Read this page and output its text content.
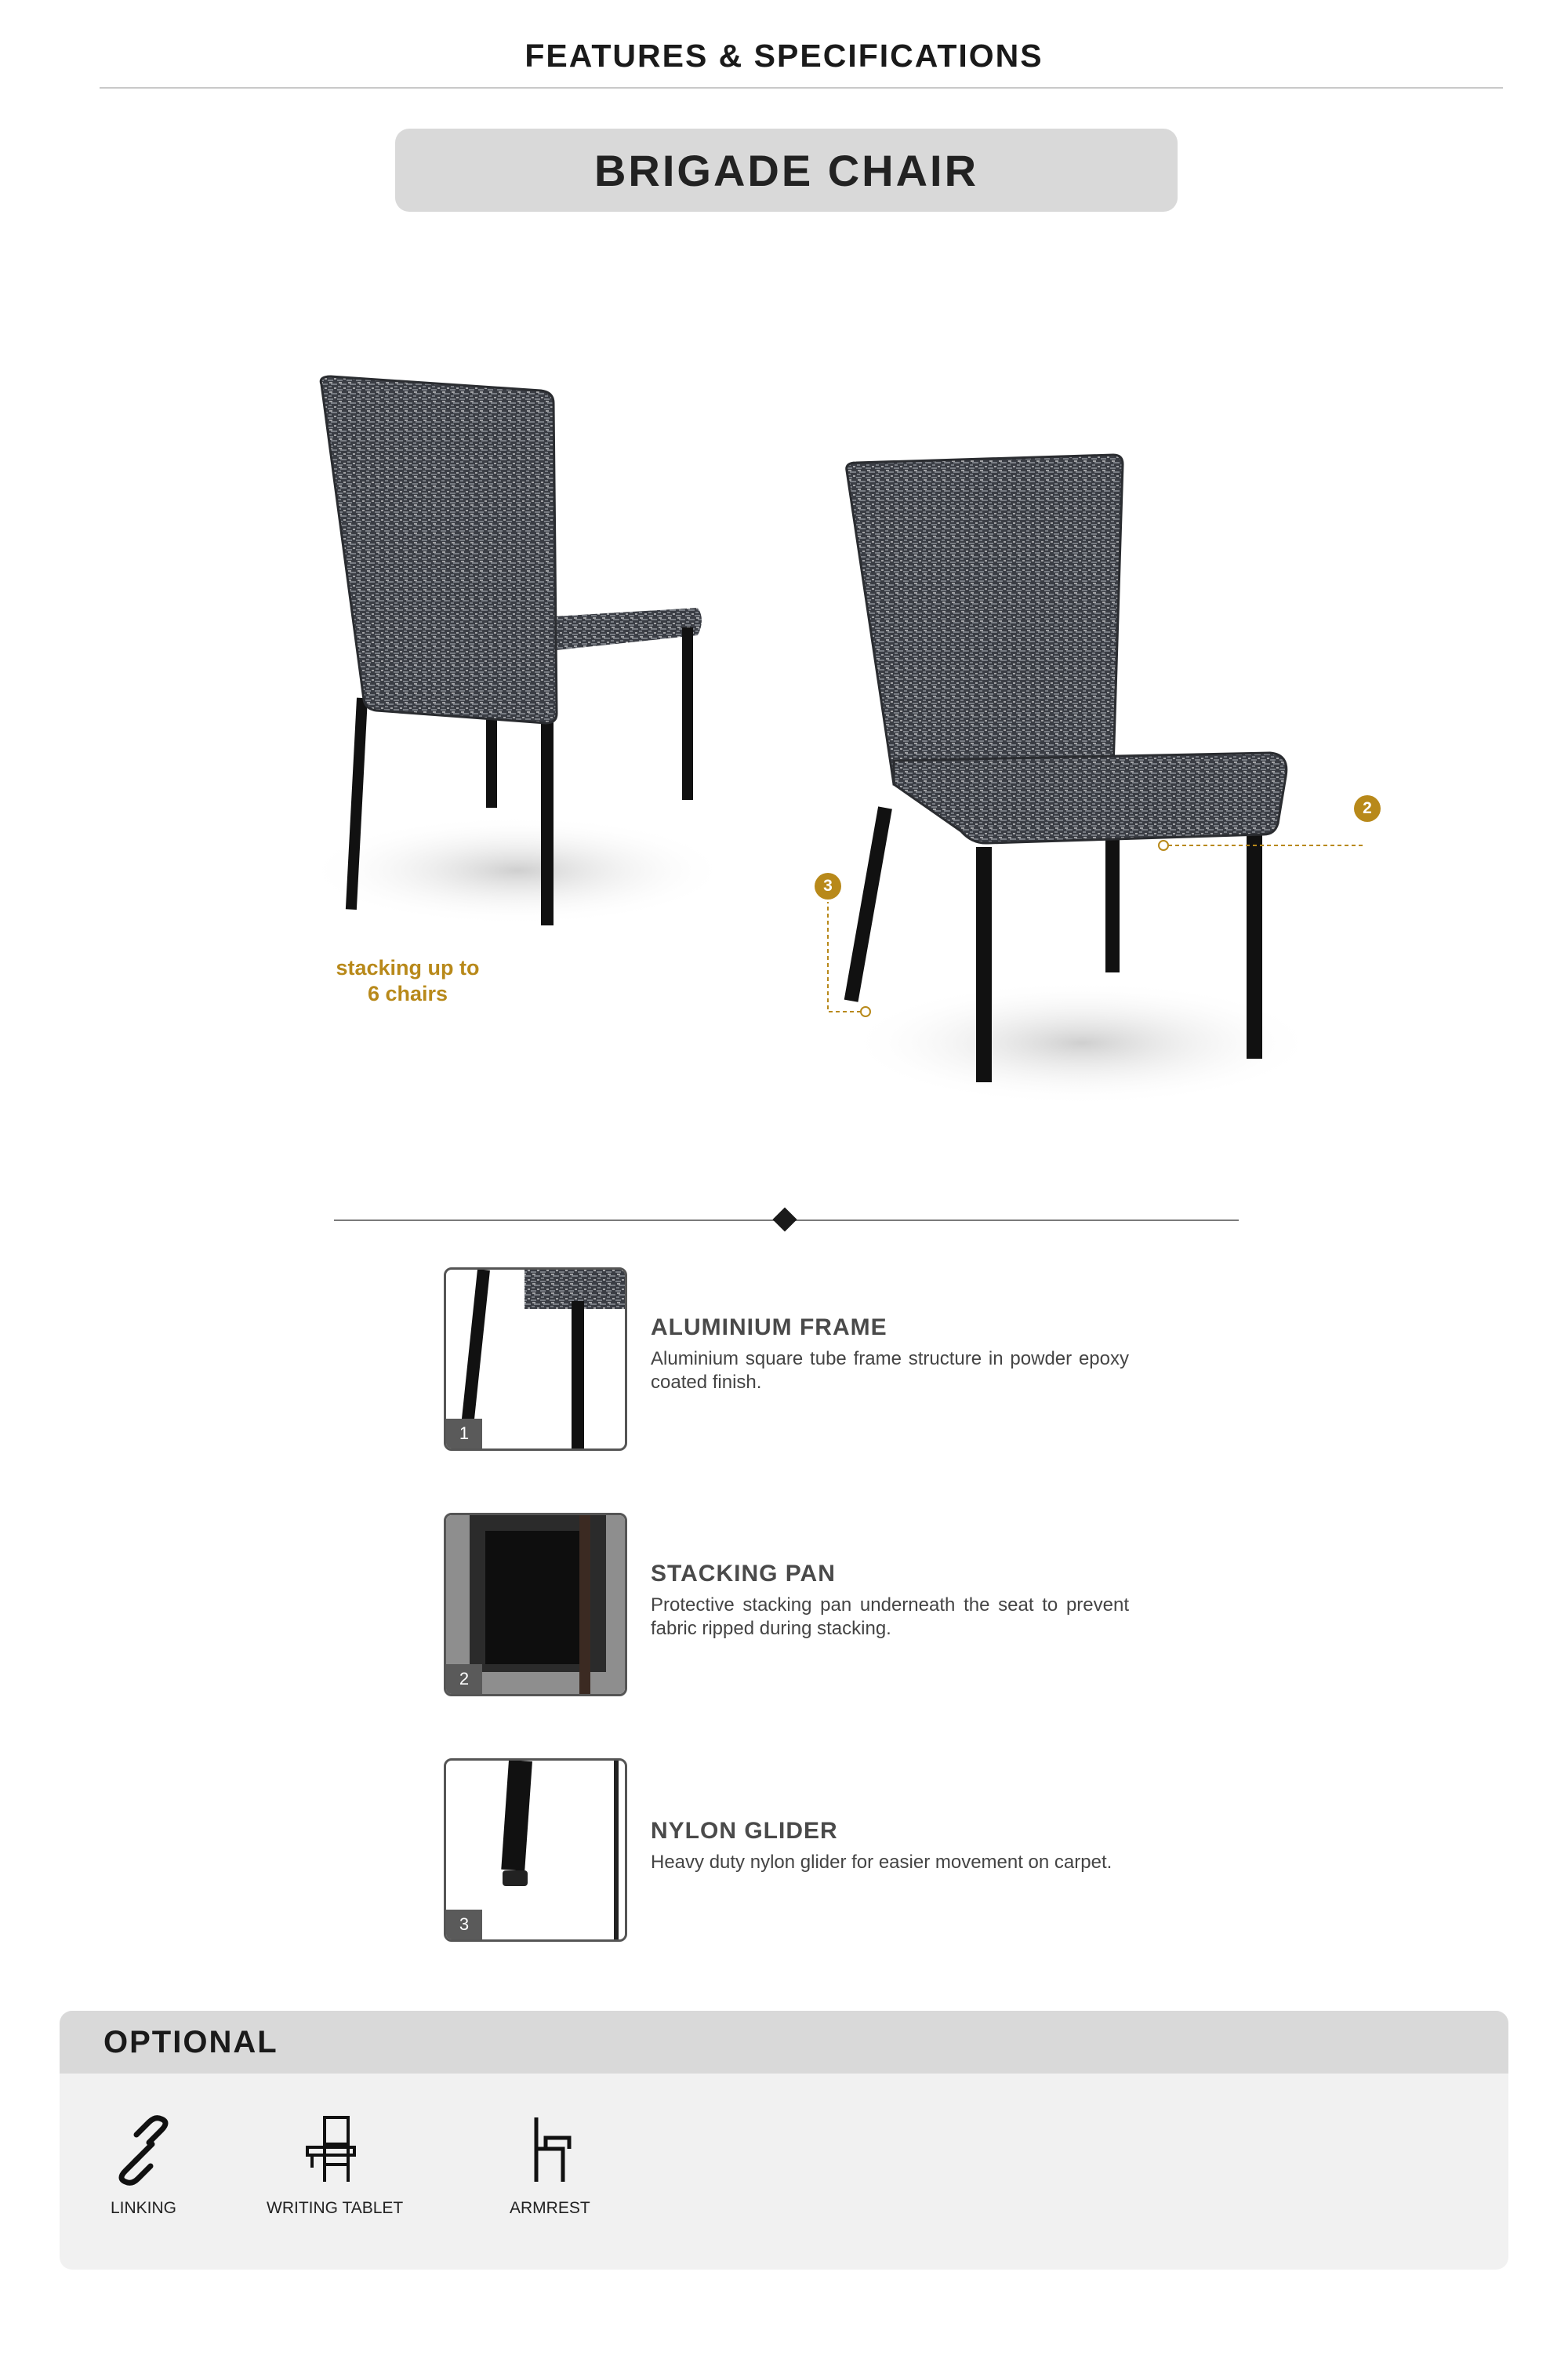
FEATURES & SPECIFICATIONS
BRIGADE CHAIR
2
3
stacking up to
6 chairs
1
ALUMINIUM FRAME
Aluminium square tube frame structure in powder epoxy coated finish.
2
STACKING PAN
Protective stacking pan underneath the seat to prevent fabric ripped during stacking.
3
NYLON GLIDER
Heavy duty nylon glider for easier movement on carpet.
OPTIONAL
LINKING	WRITING TABLET	ARMREST
